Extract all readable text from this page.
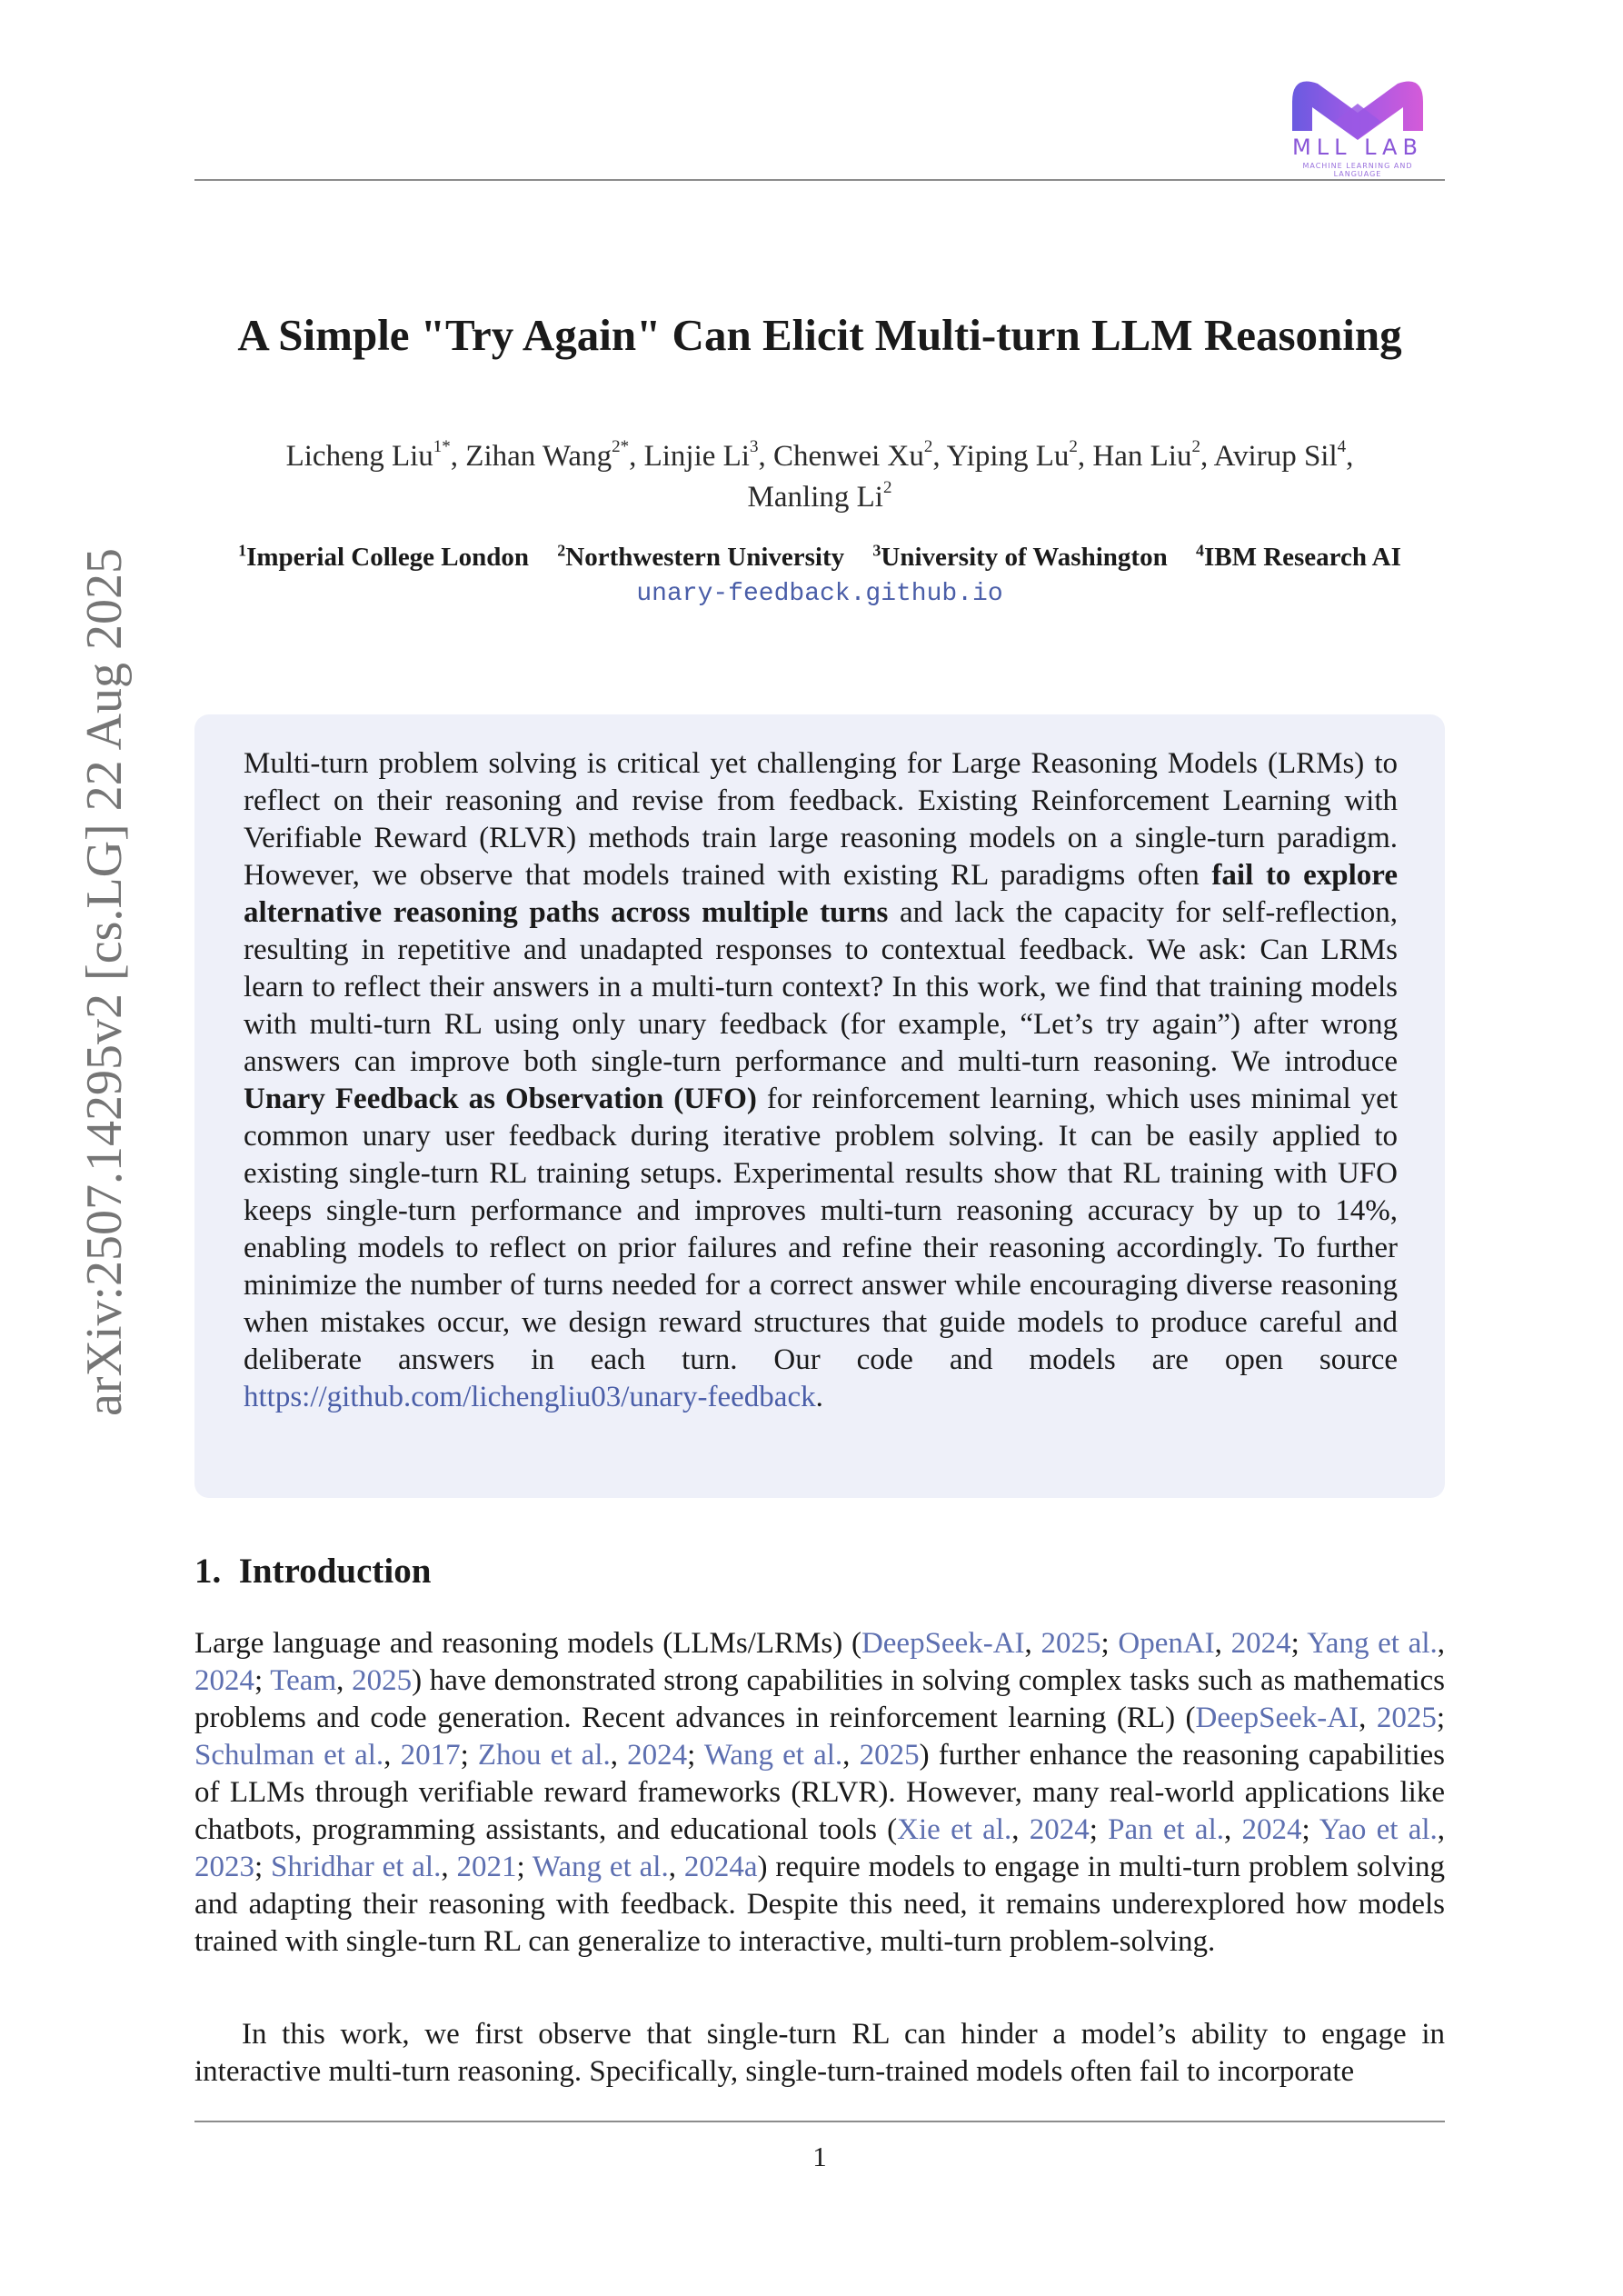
MLL LAB
MACHINE LEARNING AND LANGUAGE
arXiv:2507.14295v2 [cs.LG] 22 Aug 2025
A Simple "Try Again" Can Elicit Multi-turn LLM Reasoning
Licheng Liu$^{1*}$, Zihan Wang$^{2*}$, Linjie Li$^3$, Chenwei Xu$^2$, Yiping Lu$^2$, Han Liu$^2$, Avirup Sil$^4$,
Manling Li$^2$
$^1$Imperial College London $^2$Northwestern University $^3$University of Washington $^4$IBM Research AI
unary-feedback.github.io
Multi-turn problem solving is critical yet challenging for Large Reasoning Models (LRMs) to reflect on their reasoning and revise from feedback. Existing Reinforcement Learning with Verifiable Reward (RLVR) methods train large reasoning models on a single-turn paradigm. However, we observe that models trained with existing RL paradigms often fail to explore alternative reasoning paths across multiple turns and lack the capacity for self-reflection, resulting in repetitive and unadapted responses to contextual feedback. We ask: Can LRMs learn to reflect their answers in a multi-turn context? In this work, we find that training models with multi-turn RL using only unary feedback (for example, “Let’s try again”) after wrong answers can improve both single-turn performance and multi-turn reasoning. We introduce Unary Feedback as Observation (UFO) for reinforcement learning, which uses minimal yet common unary user feedback during iterative problem solving. It can be easily applied to existing single-turn RL training setups. Experimental results show that RL training with UFO keeps single-turn performance and improves multi-turn reasoning accuracy by up to 14%, enabling models to reflect on prior failures and refine their reasoning accordingly. To further minimize the number of turns needed for a correct answer while encouraging diverse reasoning when mistakes occur, we design reward structures that guide models to produce careful and deliberate answers in each turn. Our code and models are open source https://github.com/lichengliu03/unary-feedback.
1. Introduction
Large language and reasoning models (LLMs/LRMs) (DeepSeek-AI, 2025; OpenAI, 2024; Yang et al., 2024; Team, 2025) have demonstrated strong capabilities in solving complex tasks such as mathematics problems and code generation. Recent advances in reinforcement learning (RL) (DeepSeek-AI, 2025; Schulman et al., 2017; Zhou et al., 2024; Wang et al., 2025) further enhance the reasoning capabilities of LLMs through verifiable reward frameworks (RLVR). However, many real-world applications like chatbots, programming assistants, and educational tools (Xie et al., 2024; Pan et al., 2024; Yao et al., 2023; Shridhar et al., 2021; Wang et al., 2024a) require models to engage in multi-turn problem solving and adapting their reasoning with feedback. Despite this need, it remains underexplored how models trained with single-turn RL can generalize to interactive, multi-turn problem-solving.
In this work, we first observe that single-turn RL can hinder a model’s ability to engage in interactive multi-turn reasoning. Specifically, single-turn-trained models often fail to incorporate
1
